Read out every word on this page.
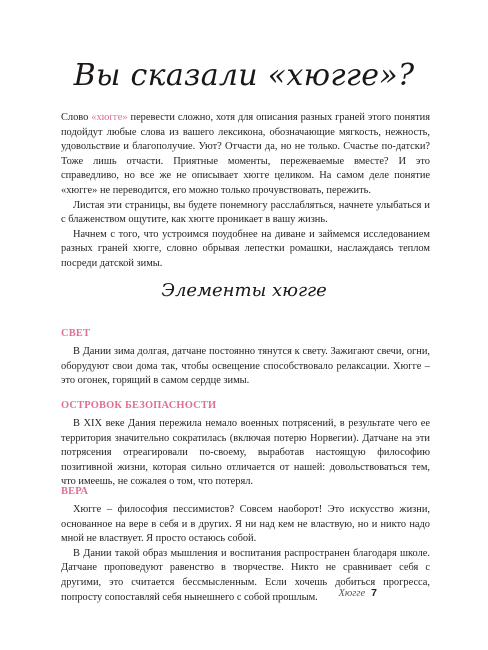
Вы сказали «хюгге»?

Слово «хюгге» перевести сложно, хотя для описания разных граней этого понятия подойдут любые слова из вашего лексикона, обозначающие мягкость, нежность, удовольствие и благополучие. Уют? Отчасти да, но не только. Счастье по-датски? Тоже лишь отчасти. Приятные моменты, пережеваемые вместе? И это справедливо, но все же не описывает хюгге целиком. На самом деле понятие «хюгге» не переводится, его можно только прочувствовать, пережить.

Листая эти страницы, вы будете понемногу расслабляться, начнете улыбаться и с блаженством ощутите, как хюгге проникает в вашу жизнь.

Начнем с того, что устроимся поудобнее на диване и займемся исследованием разных граней хюгге, словно обрывая лепестки ромашки, наслаждаясь теплом посреди датской зимы.

Элементы хюгге

СВЕТ

В Дании зима долгая, датчане постоянно тянутся к свету. Зажигают свечи, огни, оборудуют свои дома так, чтобы освещение способствовало релаксации. Хюгге – это огонек, горящий в самом сердце зимы.

ОСТРОВОК БЕЗОПАСНОСТИ

В XIX веке Дания пережила немало военных потрясений, в результате чего ее территория значительно сократилась (включая потерю Норвегии). Датчане на эти потрясения отреагировали по-своему, выработав настоящую философию позитивной жизни, которая сильно отличается от нашей: довольствоваться тем, что имеешь, не сожалея о том, что потерял.

ВЕРА

Хюгге – философия пессимистов? Совсем наоборот! Это искусство жизни, основанное на вере в себя и в других. Я ни над кем не властвую, но и никто надо мной не властвует. Я просто остаюсь собой.

В Дании такой образ мышления и воспитания распространен благодаря школе. Датчане проповедуют равенство в творчестве. Никто не сравнивает себя с другими, это считается бессмысленным. Если хочешь добиться прогресса, попросту сопоставляй себя нынешнего с собой прошлым.	Хюгге 7
